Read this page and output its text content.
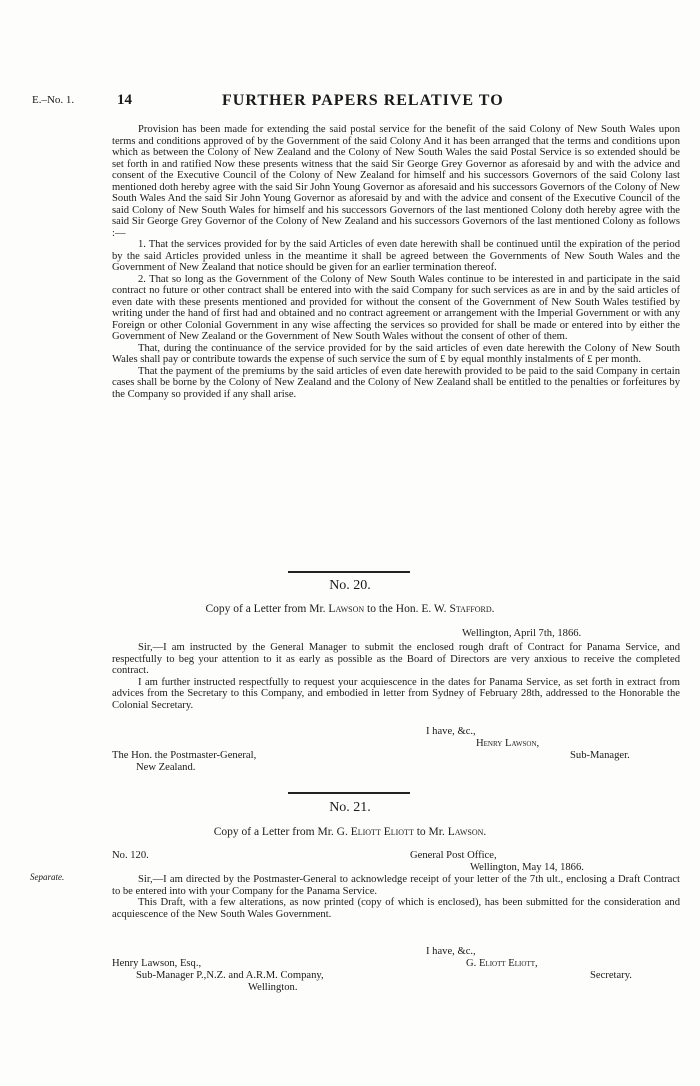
E.–No. 1.	14	FURTHER PAPERS RELATIVE TO

Provision has been made for extending the said postal service for the benefit of the said Colony of New South Wales upon terms and conditions approved of by the Government of the said Colony And it has been arranged that the terms and conditions upon which as between the Colony of New Zealand and the Colony of New South Wales the said Postal Service is so extended should be set forth in and ratified Now these presents witness that the said Sir George Grey Governor as aforesaid by and with the advice and consent of the Executive Council of the Colony of New Zealand for himself and his successors Governors of the said Colony last mentioned doth hereby agree with the said Sir John Young Governor as aforesaid and his successors Governors of the Colony of New South Wales And the said Sir John Young Governor as aforesaid by and with the advice and consent of the Executive Council of the said Colony of New South Wales for himself and his successors Governors of the last mentioned Colony doth hereby agree with the said Sir George Grey Governor of the Colony of New Zealand and his successors Governors of the last mentioned Colony as follows :—

1. That the services provided for by the said Articles of even date herewith shall be continued until the expiration of the period by the said Articles provided unless in the meantime it shall be agreed between the Governments of New South Wales and the Government of New Zealand that notice should be given for an earlier termination thereof.

2. That so long as the Government of the Colony of New South Wales continue to be interested in and participate in the said contract no future or other contract shall be entered into with the said Company for such services as are in and by the said articles of even date with these presents mentioned and provided for without the consent of the Government of New South Wales testified by writing under the hand of first had and obtained and no contract agreement or arrangement with the Imperial Government or with any Foreign or other Colonial Government in any wise affecting the services so provided for shall be made or entered into by either the Government of New Zealand or the Government of New South Wales without the consent of other of them.

That, during the continuance of the service provided for by the said articles of even date herewith the Colony of New South Wales shall pay or contribute towards the expense of such service the sum of £ by equal monthly instalments of £ per month.

That the payment of the premiums by the said articles of even date herewith provided to be paid to the said Company in certain cases shall be borne by the Colony of New Zealand and the Colony of New Zealand shall be entitled to the penalties or forfeitures by the Company so provided if any shall arise.

No. 20.
Copy of a Letter from Mr. Lawson to the Hon. E. W. Stafford.
Wellington, April 7th, 1866.

Sir,—I am instructed by the General Manager to submit the enclosed rough draft of Contract for Panama Service, and respectfully to beg your attention to it as early as possible as the Board of Directors are very anxious to receive the completed contract.

I am further instructed respectfully to request your acquiescence in the dates for Panama Service, as set forth in extract from advices from the Secretary to this Company, and embodied in letter from Sydney of February 28th, addressed to the Honorable the Colonial Secretary.

I have, &c.,
Henry Lawson,
The Hon. the Postmaster-General,	Sub-Manager.
New Zealand.
No. 21.
Copy of a Letter from Mr. G. Eliott Eliott to Mr. Lawson.
No. 120.	General Post Office,
Wellington, May 14, 1866.
Separate.	Sir,—I am directed by the Postmaster-General to acknowledge receipt of your letter of the 7th ult., enclosing a Draft Contract to be entered into with your Company for the Panama Service.

This Draft, with a few alterations, as now printed (copy of which is enclosed), has been submitted for the consideration and acquiescence of the New South Wales Government.

I have, &c.,
Henry Lawson, Esq.,	G. Eliott Eliott,
Sub-Manager P.,N.Z. and A.R.M. Company,	Secretary.
Wellington.
